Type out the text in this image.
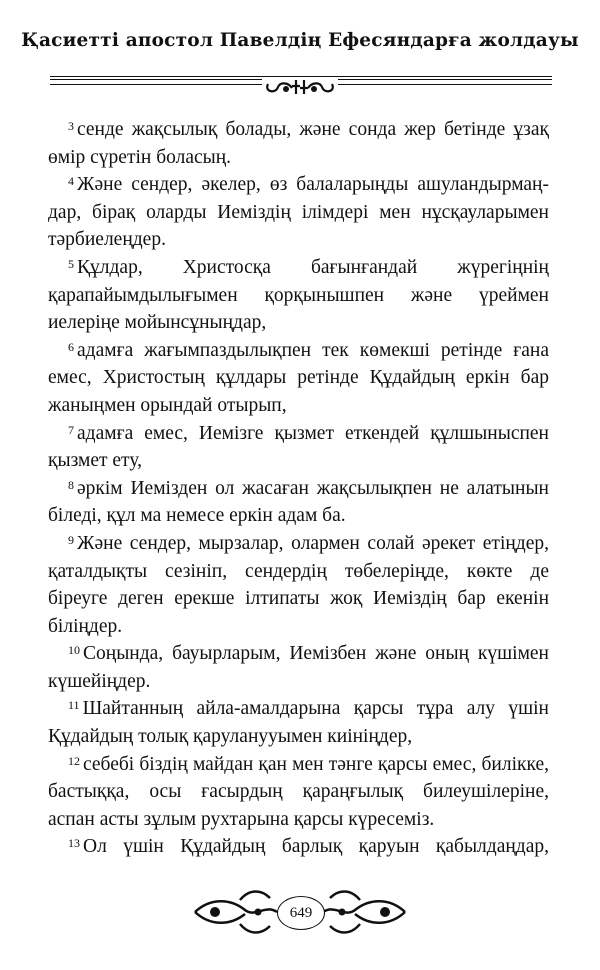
Қасиетті апостол Павелдің Ефесяндарға жолдауы
$^3$ сенде жақсылық болады, және сонда жер бетінде ұзақ
өмір сүретін боласың.
$^4$ Және сендер, әкелер, өз балаларыңды ашуландырмаң-
дар, бірақ оларды Иеміздің ілімдері мен нұсқауларымен
тәрбиелеңдер.
$^5$ Құлдар, Христосқа бағынғандай жүрегіңнің
қарапайымдылығымен қорқынышпен және үреймен
иелеріңе мойынсұныңдар,
$^6$ адамға жағымпаздылықпен тек көмекші ретінде ғана
емес, Христостың құлдары ретінде Құдайдың еркін бар
жаныңмен орындай отырып,
$^7$ адамға емес, Иемізге қызмет еткендей құлшыныспен
қызмет ету,
$^8$ әркім Иемізден ол жасаған жақсылықпен не алатынын
біледі, құл ма немесе еркін адам ба.
$^9$ Және сендер, мырзалар, олармен солай әрекет етіңдер,
қаталдықты сезініп, сендердің төбелеріңде, көкте де
біреуге деген ерекше ілтипаты жоқ Иеміздің бар екенін
біліңдер.
$^{10}$ Соңында, бауырларым, Иемізбен және оның күшімен
күшейіңдер.
$^{11}$ Шайтанның айла-амалдарына қарсы тұра алу үшін
Құдайдың толық қаруланyуымен киініңдер,
$^{12}$ себебі біздің майдан қан мен тәнге қарсы емес, билікке,
бастыққа, осы ғасырдың қараңғылық билеушілеріне,
аспан асты зұлым рухтарына қарсы күресеміз.
$^{13}$ Ол үшін Құдайдың барлық қаруын қабылдаңдар,
649
